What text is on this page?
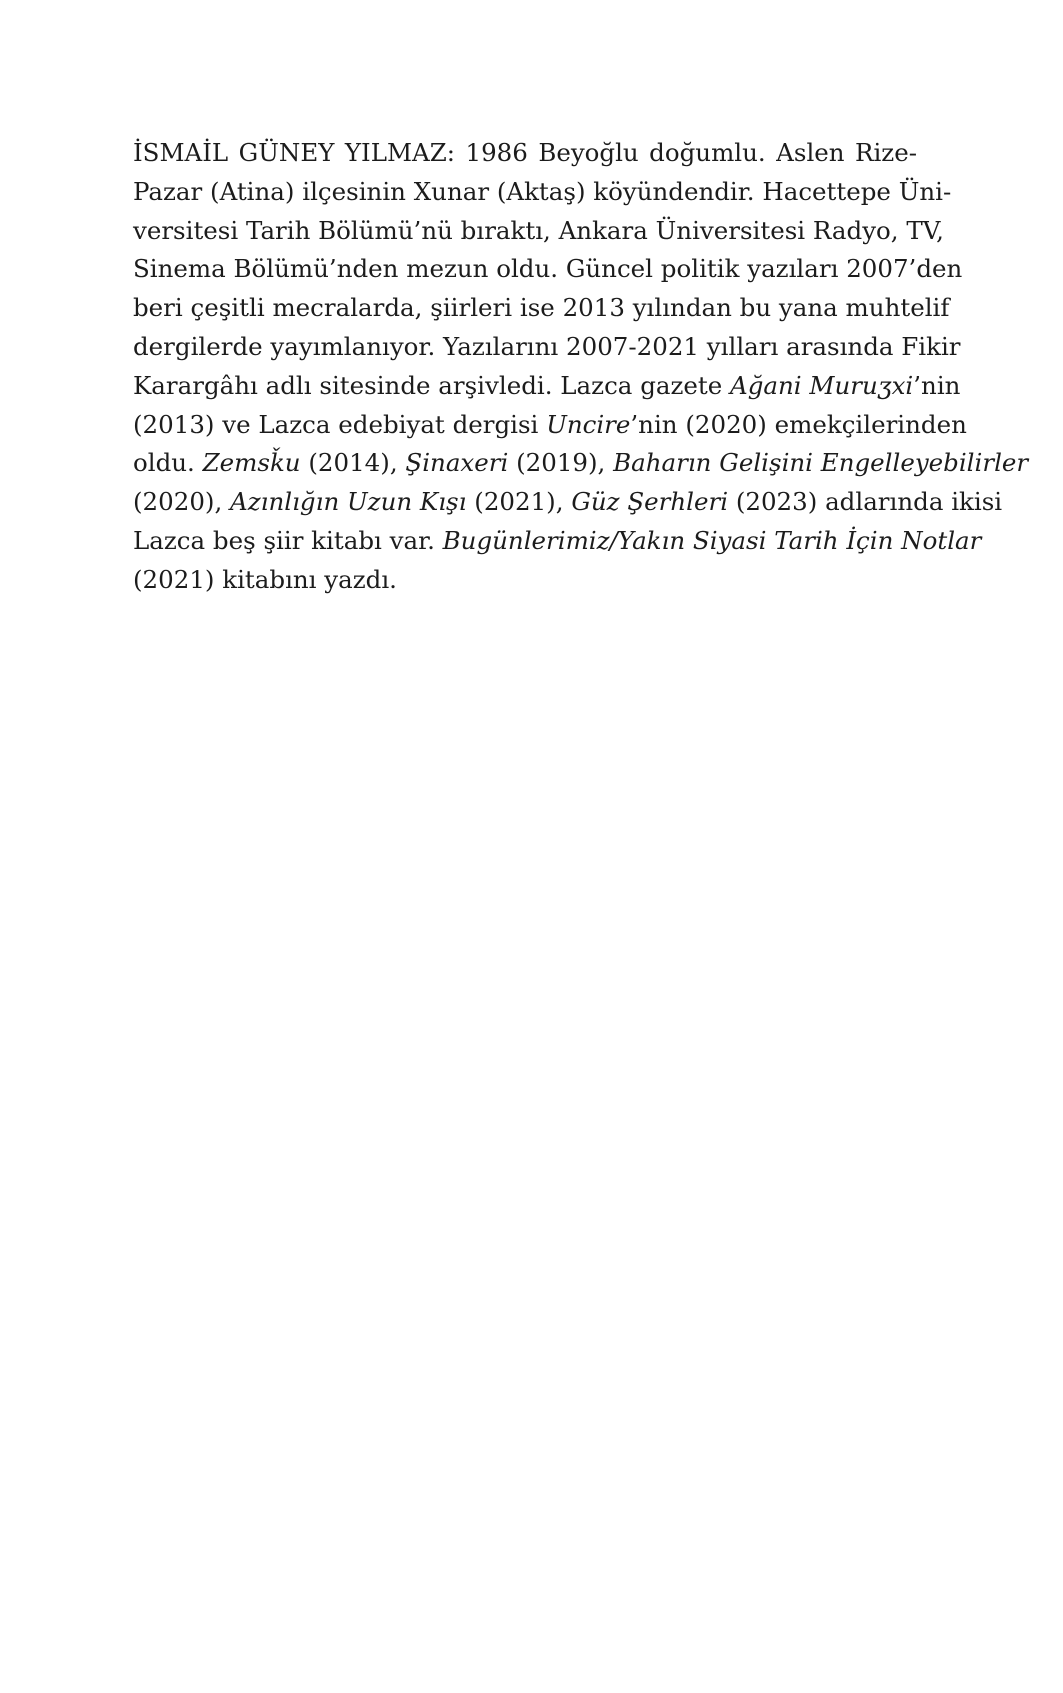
İSMAİL GÜNEY YILMAZ: 1986 Beyoğlu doğumlu. Aslen Rize-
Pazar (Atina) ilçesinin Xunar (Aktaş) köyündendir. Hacettepe Üni-
versitesi Tarih Bölümü’nü bıraktı, Ankara Üniversitesi Radyo, TV,
Sinema Bölümü’nden mezun oldu. Güncel politik yazıları 2007’den
beri çeşitli mecralarda, şiirleri ise 2013 yılından bu yana muhtelif
dergilerde yayımlanıyor. Yazılarını 2007-2021 yılları arasında Fikir
Karargâhı adlı sitesinde arşivledi. Lazca gazete Ağani Muruʒxi’nin
(2013) ve Lazca edebiyat dergisi Uncire’nin (2020) emekçilerinden
oldu. Zemsǩu (2014), Şinaxeri (2019), Baharın Gelişini Engelleyebilirler
(2020), Azınlığın Uzun Kışı (2021), Güz Şerhleri (2023) adlarında ikisi
Lazca beş şiir kitabı var. Bugünlerimiz/Yakın Siyasi Tarih İçin Notlar
(2021) kitabını yazdı.
